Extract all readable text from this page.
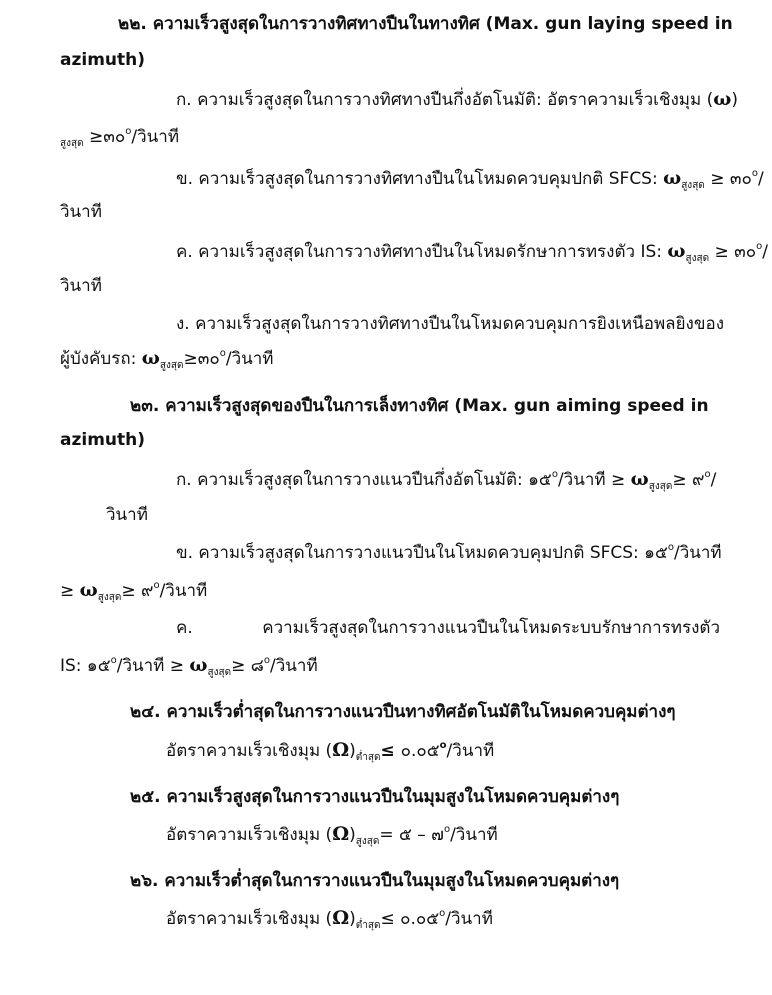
๒๒. ความเร็วสูงสุดในการวางทิศทางปืนในทางทิศ (Max. gun laying speed in
azimuth)
ก. ความเร็วสูงสุดในการวางทิศทางปืนกึ่งอัตโนมัติ: อัตราความเร็วเชิงมุม (ω)
$_{สูงสุด}$ ≥๓๐$^o$/วินาที
ข. ความเร็วสูงสุดในการวางทิศทางปืนในโหมดควบคุมปกติ SFCS: $\omega_{สูงสุด}$ ≥ ๓๐$^o$/
วินาที
ค. ความเร็วสูงสุดในการวางทิศทางปืนในโหมดรักษาการทรงตัว IS: $\omega_{สูงสุด}$ ≥ ๓๐$^o$/
วินาที
ง. ความเร็วสูงสุดในการวางทิศทางปืนในโหมดควบคุมการยิงเหนือพลยิงของ
ผู้บังคับรถ: $\omega_{สูงสุด}\ge$๓๐$^o$/วินาที
๒๓. ความเร็วสูงสุดของปืนในการเล็งทางทิศ (Max. gun aiming speed in
azimuth)
ก. ความเร็วสูงสุดในการวางแนวปืนกึ่งอัตโนมัติ: ๑๕$^o$/วินาที ≥ $\omega_{สูงสุด}\ge$ ๙$^o$/
วินาที
ข. ความเร็วสูงสุดในการวางแนวปืนในโหมดควบคุมปกติ SFCS: ๑๕$^o$/วินาที
≥ $\omega_{สูงสุด}\ge$ ๙$^o$/วินาที
ค. ความเร็วสูงสุดในการวางแนวปืนในโหมดระบบรักษาการทรงตัว
IS: ๑๕$^o$/วินาที ≥ $\omega_{สูงสุด}\ge$ ๘$^o$/วินาที
๒๔. ความเร็วต่ำสุดในการวางแนวปืนทางทิศอัตโนมัติในโหมดควบคุมต่างๆ
อัตราความเร็วเชิงมุม $(\Omega)_{ต่ำสุด}\le$ ๐.๐๕$^o$/วินาที
๒๕. ความเร็วสูงสุดในการวางแนวปืนในมุมสูงในโหมดควบคุมต่างๆ
อัตราความเร็วเชิงมุม $(\Omega)_{สูงสุด}=$ ๕ – ๗$^o$/วินาที
๒๖. ความเร็วต่ำสุดในการวางแนวปืนในมุมสูงในโหมดควบคุมต่างๆ
อัตราความเร็วเชิงมุม $(\Omega)_{ต่ำสุด}\le$ ๐.๐๕$^o$/วินาที
